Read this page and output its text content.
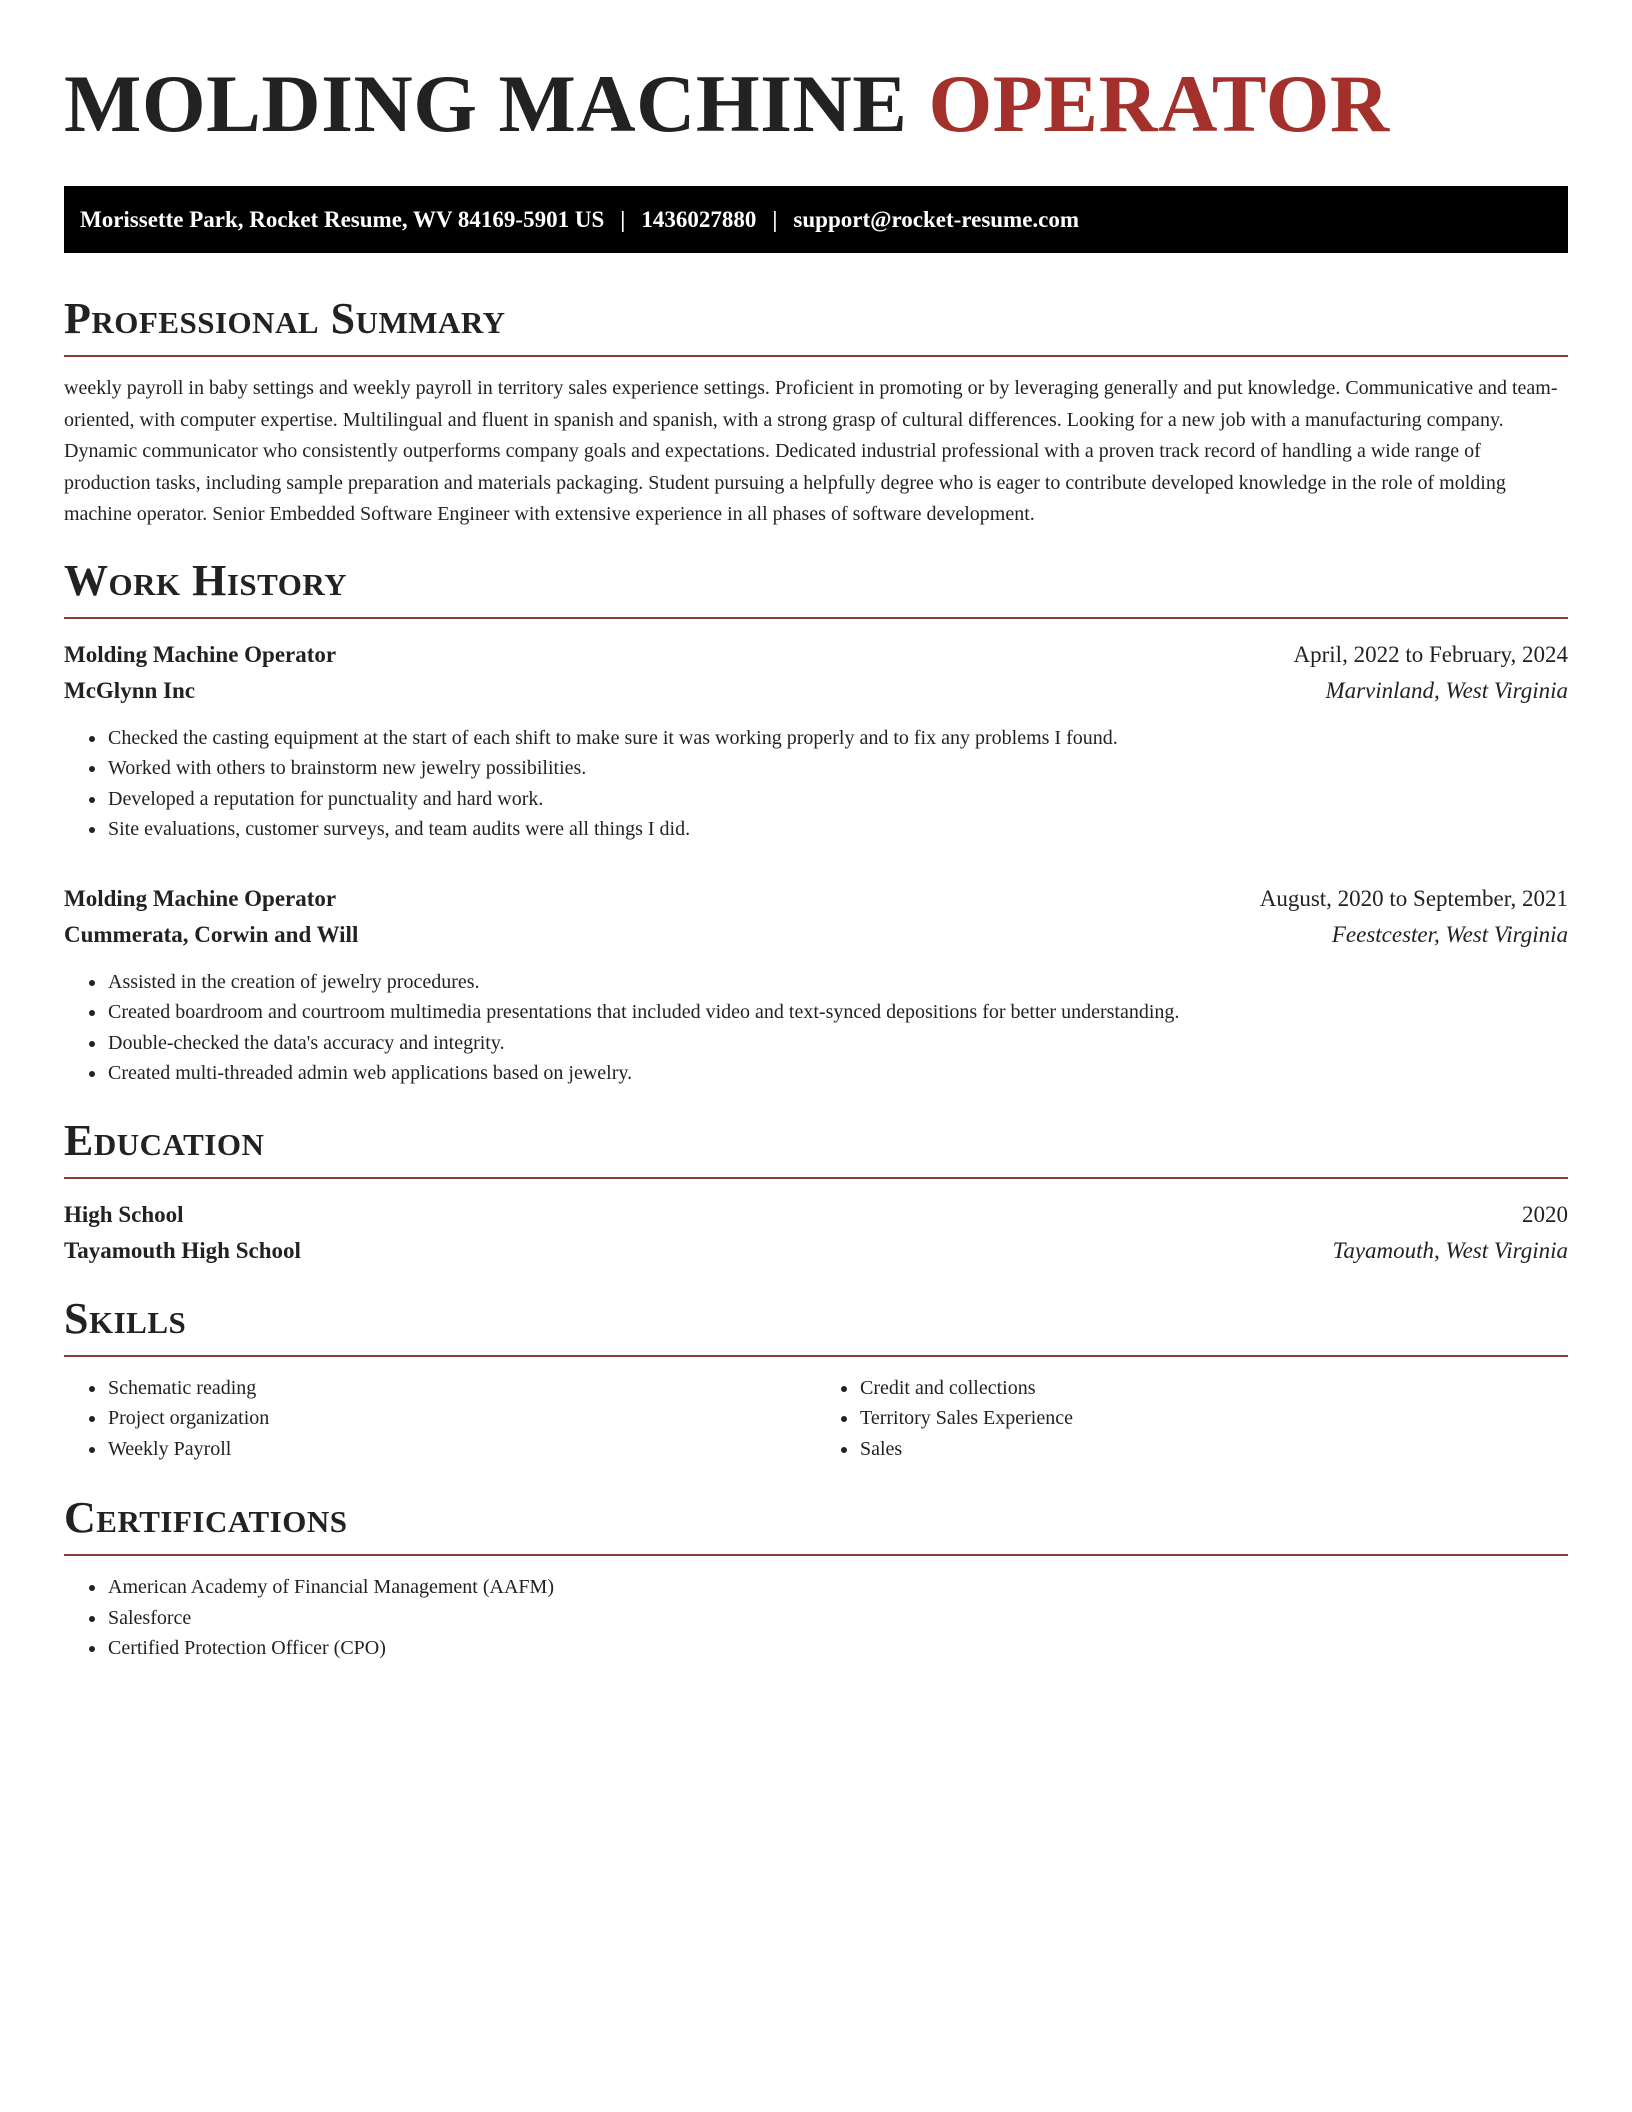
MOLDING MACHINE OPERATOR
Morissette Park, Rocket Resume, WV 84169-5901 US | 1436027880 | support@rocket-resume.com
Professional Summary

weekly payroll in baby settings and weekly payroll in territory sales experience settings. Proficient in promoting or by leveraging generally and put knowledge. Communicative and team-oriented, with computer expertise. Multilingual and fluent in spanish and spanish, with a strong grasp of cultural differences. Looking for a new job with a manufacturing company. Dynamic communicator who consistently outperforms company goals and expectations. Dedicated industrial professional with a proven track record of handling a wide range of production tasks, including sample preparation and materials packaging. Student pursuing a helpfully degree who is eager to contribute developed knowledge in the role of molding machine operator. Senior Embedded Software Engineer with extensive experience in all phases of software development.

Work History
Molding Machine Operator	April, 2022 to February, 2024
McGlynn Inc	Marvinland, West Virginia
• Checked the casting equipment at the start of each shift to make sure it was working properly and to fix any problems I found.
• Worked with others to brainstorm new jewelry possibilities.
• Developed a reputation for punctuality and hard work.
• Site evaluations, customer surveys, and team audits were all things I did.
Molding Machine Operator	August, 2020 to September, 2021
Cummerata, Corwin and Will	Feestcester, West Virginia
• Assisted in the creation of jewelry procedures.
• Created boardroom and courtroom multimedia presentations that included video and text-synced depositions for better understanding.
• Double-checked the data's accuracy and integrity.
• Created multi-threaded admin web applications based on jewelry.
Education
High School	2020
Tayamouth High School	Tayamouth, West Virginia
Skills
• Schematic reading
• Project organization
• Weekly Payroll
• Credit and collections
• Territory Sales Experience
• Sales
Certifications
• American Academy of Financial Management (AAFM)
• Salesforce
• Certified Protection Officer (CPO)
